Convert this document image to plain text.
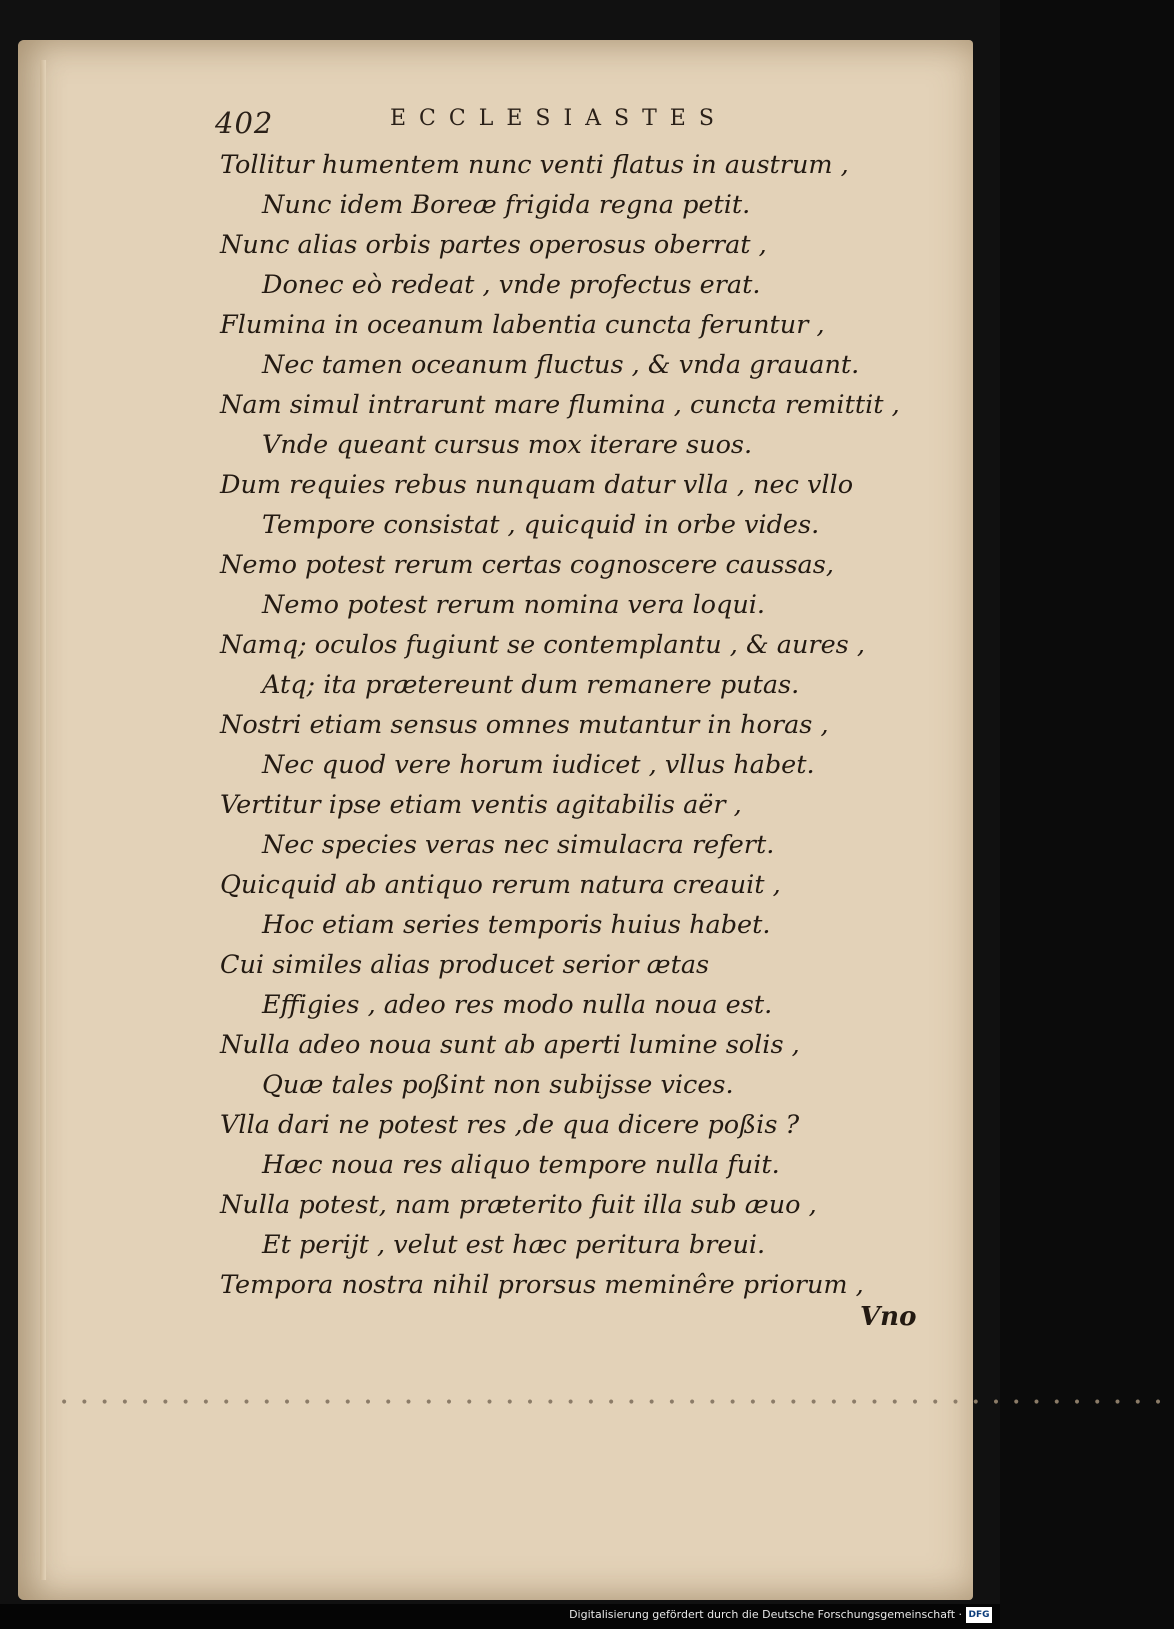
402	ECCLESIASTES
Tollitur humentem nunc venti flatus in austrum ,
Nunc idem Boreæ frigida regna petit.
Nunc alias orbis partes operosus oberrat ,
Donec eò redeat , vnde profectus erat.
Flumina in oceanum labentia cuncta feruntur ,
Nec tamen oceanum fluctus , & vnda grauant.
Nam simul intrarunt mare flumina , cuncta remittit ,
Vnde queant cursus mox iterare suos.
Dum requies rebus nunquam datur vlla , nec vllo
Tempore consistat , quicquid in orbe vides.
Nemo potest rerum certas cognoscere caussas,
Nemo potest rerum nomina vera loqui.
Namq; oculos fugiunt se contemplantu , & aures ,
Atq; ita prætereunt dum remanere putas.
Nostri etiam sensus omnes mutantur in horas ,
Nec quod vere horum iudicet , vllus habet.
Vertitur ipse etiam ventis agitabilis aër ,
Nec species veras nec simulacra refert.
Quicquid ab antiquo rerum natura creauit ,
Hoc etiam series temporis huius habet.
Cui similes alias producet serior ætas
Effigies , adeo res modo nulla noua est.
Nulla adeo noua sunt ab aperti lumine solis ,
Quæ tales poßint non subijsse vices.
Vlla dari ne potest res ,de qua dicere poßis ?
Hæc noua res aliquo tempore nulla fuit.
Nulla potest, nam præterito fuit illa sub æuo ,
Et perijt , velut est hæc peritura breui.
Tempora nostra nihil prorsus meminêre priorum ,
Vno
•••••••••••••••••••••••••••••••••••••••••••••••••••••••
Digitalisierung gefördert durch die Deutsche Forschungsgemeinschaft · DFG
